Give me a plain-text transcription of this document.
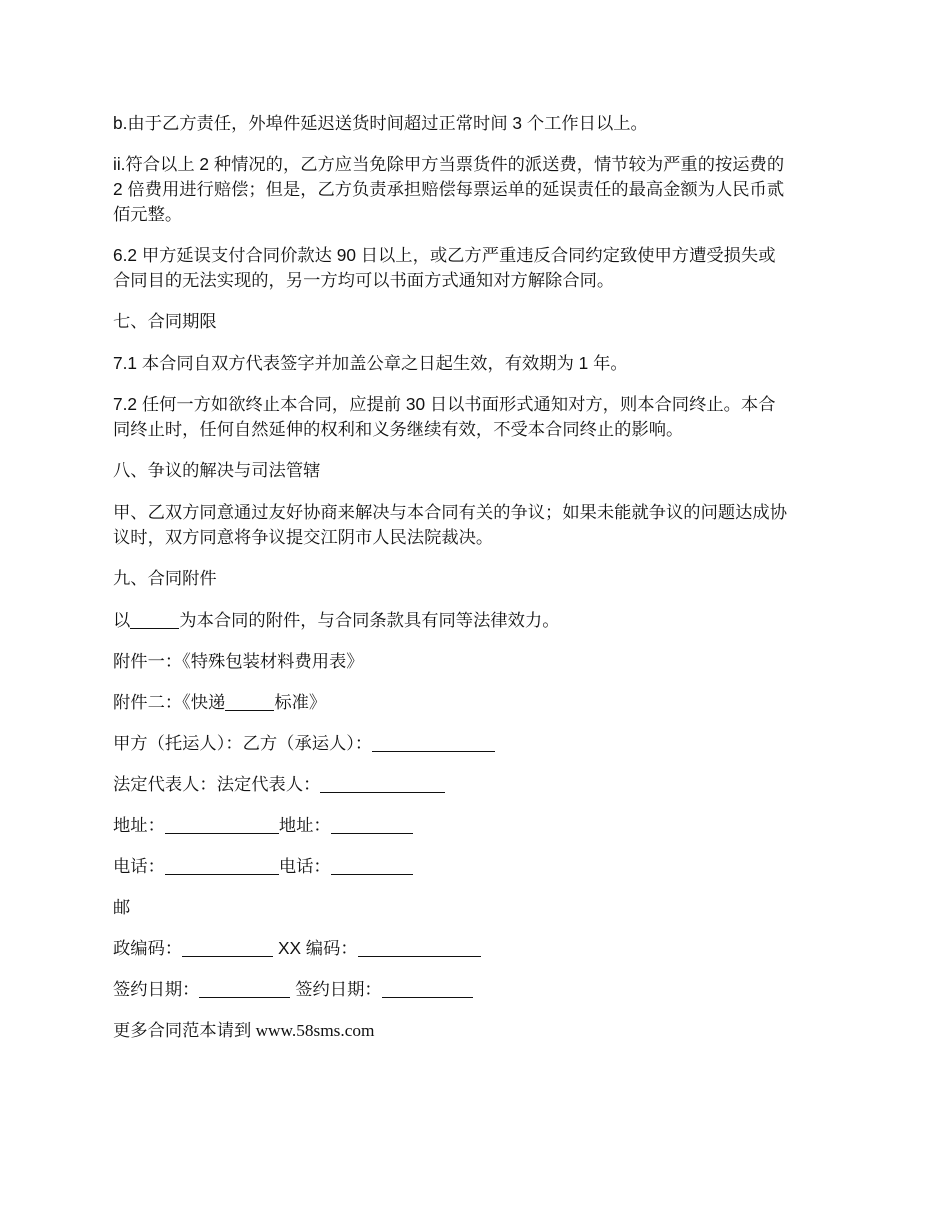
b.由于乙方责任，外埠件延迟送货时间超过正常时间 3 个工作日以上。
ii.符合以上 2 种情况的，乙方应当免除甲方当票货件的派送费，情节较为严重的按运费的
2 倍费用进行赔偿；但是，乙方负责承担赔偿每票运单的延误责任的最高金额为人民币贰
佰元整。
6.2 甲方延误支付合同价款达 90 日以上，或乙方严重违反合同约定致使甲方遭受损失或
合同目的无法实现的，另一方均可以书面方式通知对方解除合同。
七、合同期限
7.1 本合同自双方代表签字并加盖公章之日起生效，有效期为 1 年。
7.2 任何一方如欲终止本合同，应提前 30 日以书面形式通知对方，则本合同终止。本合
同终止时，任何自然延伸的权利和义务继续有效，不受本合同终止的影响。
八、争议的解决与司法管辖
甲、乙双方同意通过友好协商来解决与本合同有关的争议；如果未能就争议的问题达成协
议时，双方同意将争议提交江阴市人民法院裁决。
九、合同附件
以	为本合同的附件，与合同条款具有同等法律效力。
附件一：《特殊包装材料费用表》
附件二：《快递	标准》
甲方（托运人）：乙方（承运人）：
法定代表人：法定代表人：
地址：	地址：
电话：	电话：
邮
政编码：	XX 编码：
签约日期：	签约日期：
更多合同范本请到 www.58sms.com
